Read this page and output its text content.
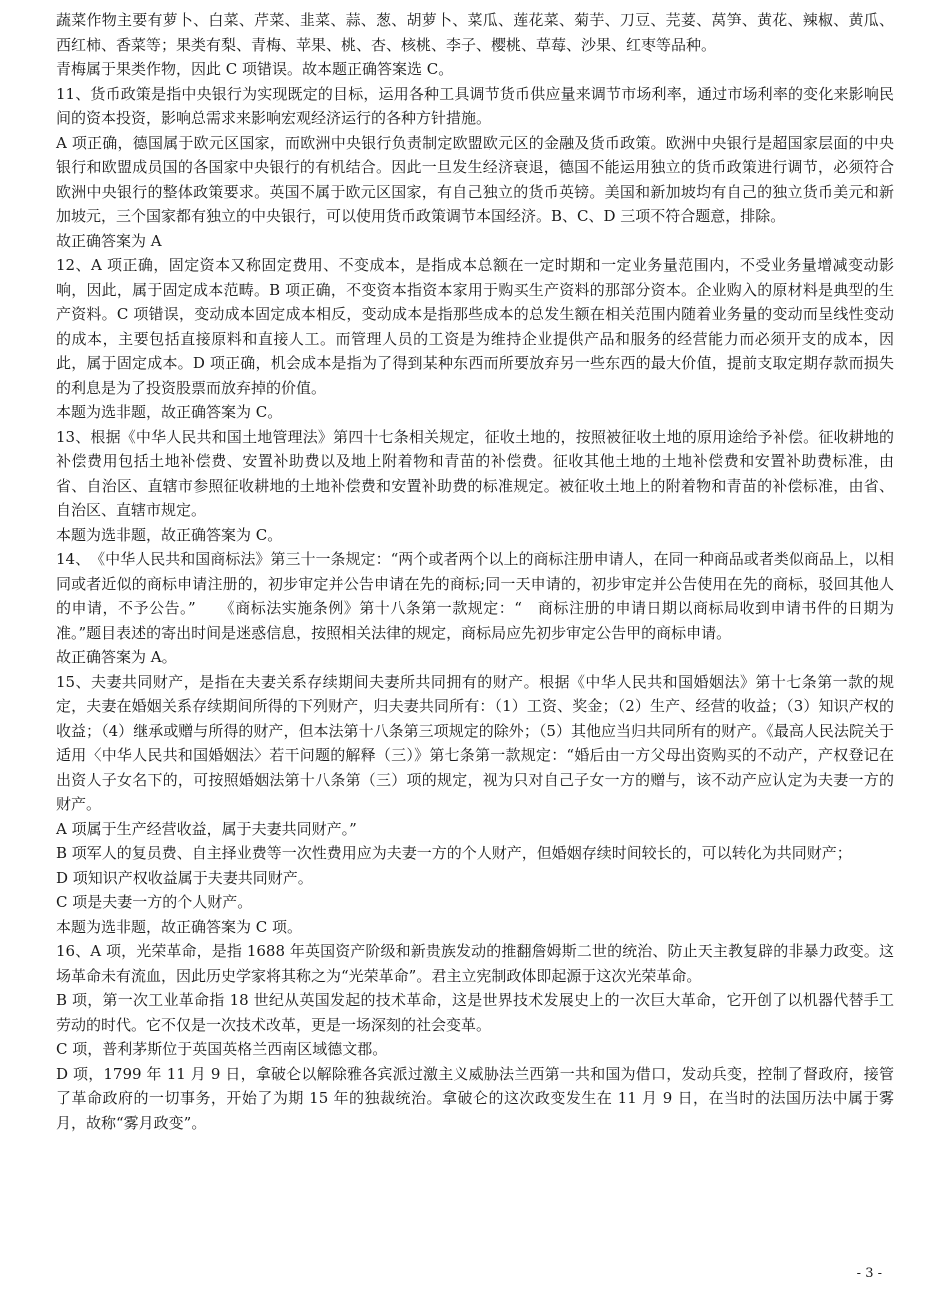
蔬菜作物主要有萝卜、白菜、芹菜、韭菜、蒜、葱、胡萝卜、菜瓜、莲花菜、菊芋、刀豆、芫荽、莴笋、黄花、辣椒、黄瓜、西红柿、香菜等；果类有梨、青梅、苹果、桃、杏、核桃、李子、樱桃、草莓、沙果、红枣等品种。

青梅属于果类作物，因此 C 项错误。故本题正确答案选 C。

11、货币政策是指中央银行为实现既定的目标，运用各种工具调节货币供应量来调节市场利率，通过市场利率的变化来影响民间的资本投资，影响总需求来影响宏观经济运行的各种方针措施。

A 项正确，德国属于欧元区国家，而欧洲中央银行负责制定欧盟欧元区的金融及货币政策。欧洲中央银行是超国家层面的中央银行和欧盟成员国的各国家中央银行的有机结合。因此一旦发生经济衰退，德国不能运用独立的货币政策进行调节，必须符合欧洲中央银行的整体政策要求。英国不属于欧元区国家，有自己独立的货币英镑。美国和新加坡均有自己的独立货币美元和新加坡元，三个国家都有独立的中央银行，可以使用货币政策调节本国经济。B、C、D 三项不符合题意，排除。

故正确答案为 A

12、A 项正确，固定资本又称固定费用、不变成本，是指成本总额在一定时期和一定业务量范围内，不受业务量增减变动影响，因此，属于固定成本范畴。B 项正确，不变资本指资本家用于购买生产资料的那部分资本。企业购入的原材料是典型的生产资料。C 项错误，变动成本固定成本相反，变动成本是指那些成本的总发生额在相关范围内随着业务量的变动而呈线性变动的成本，主要包括直接原料和直接人工。而管理人员的工资是为维持企业提供产品和服务的经营能力而必须开支的成本，因此，属于固定成本。D 项正确，机会成本是指为了得到某种东西而所要放弃另一些东西的最大价值，提前支取定期存款而损失的利息是为了投资股票而放弃掉的价值。

本题为选非题，故正确答案为 C。

13、根据《中华人民共和国土地管理法》第四十七条相关规定，征收土地的，按照被征收土地的原用途给予补偿。征收耕地的补偿费用包括土地补偿费、安置补助费以及地上附着物和青苗的补偿费。征收其他土地的土地补偿费和安置补助费标准，由省、自治区、直辖市参照征收耕地的土地补偿费和安置补助费的标准规定。被征收土地上的附着物和青苗的补偿标准，由省、自治区、直辖市规定。

本题为选非题，故正确答案为 C。

14、　《中华人民共和国商标法》第三十一条规定：“两个或者两个以上的商标注册申请人，在同一种商品或者类似商品上，以相同或者近似的商标申请注册的，初步审定并公告申请在先的商标;同一天申请的，初步审定并公告使用在先的商标，驳回其他人的申请，不予公告。”　　《商标法实施条例》第十八条第一款规定：“　商标注册的申请日期以商标局收到申请书件的日期为准。”题目表述的寄出时间是迷惑信息，按照相关法律的规定，商标局应先初步审定公告甲的商标申请。

故正确答案为 A。

15、夫妻共同财产，是指在夫妻关系存续期间夫妻所共同拥有的财产。根据《中华人民共和国婚姻法》第十七条第一款的规定，夫妻在婚姻关系存续期间所得的下列财产，归夫妻共同所有：（1）工资、奖金；（2）生产、经营的收益；（3）知识产权的收益；（4）继承或赠与所得的财产，但本法第十八条第三项规定的除外；（5）其他应当归共同所有的财产。《最高人民法院关于适用〈中华人民共和国婚姻法〉若干问题的解释（三）》第七条第一款规定：“婚后由一方父母出资购买的不动产，产权登记在出资人子女名下的，可按照婚姻法第十八条第（三）项的规定，视为只对自己子女一方的赠与，该不动产应认定为夫妻一方的财产。

A 项属于生产经营收益，属于夫妻共同财产。”

B 项军人的复员费、自主择业费等一次性费用应为夫妻一方的个人财产，但婚姻存续时间较长的，可以转化为共同财产；

D 项知识产权收益属于夫妻共同财产。

C 项是夫妻一方的个人财产。

本题为选非题，故正确答案为 C 项。

16、A 项，光荣革命，是指 1688 年英国资产阶级和新贵族发动的推翻詹姆斯二世的统治、防止天主教复辟的非暴力政变。这场革命未有流血，因此历史学家将其称之为“光荣革命”。君主立宪制政体即起源于这次光荣革命。

B 项，第一次工业革命指 18 世纪从英国发起的技术革命，这是世界技术发展史上的一次巨大革命，它开创了以机器代替手工劳动的时代。它不仅是一次技术改革，更是一场深刻的社会变革。

C 项，普利茅斯位于英国英格兰西南区域德文郡。

D 项，1799 年 11 月 9 日，拿破仑以解除雅各宾派过激主义威胁法兰西第一共和国为借口，发动兵变，控制了督政府，接管了革命政府的一切事务，开始了为期 15 年的独裁统治。拿破仑的这次政变发生在 11 月 9 日，在当时的法国历法中属于雾月，故称“雾月政变”。

- 3 -
